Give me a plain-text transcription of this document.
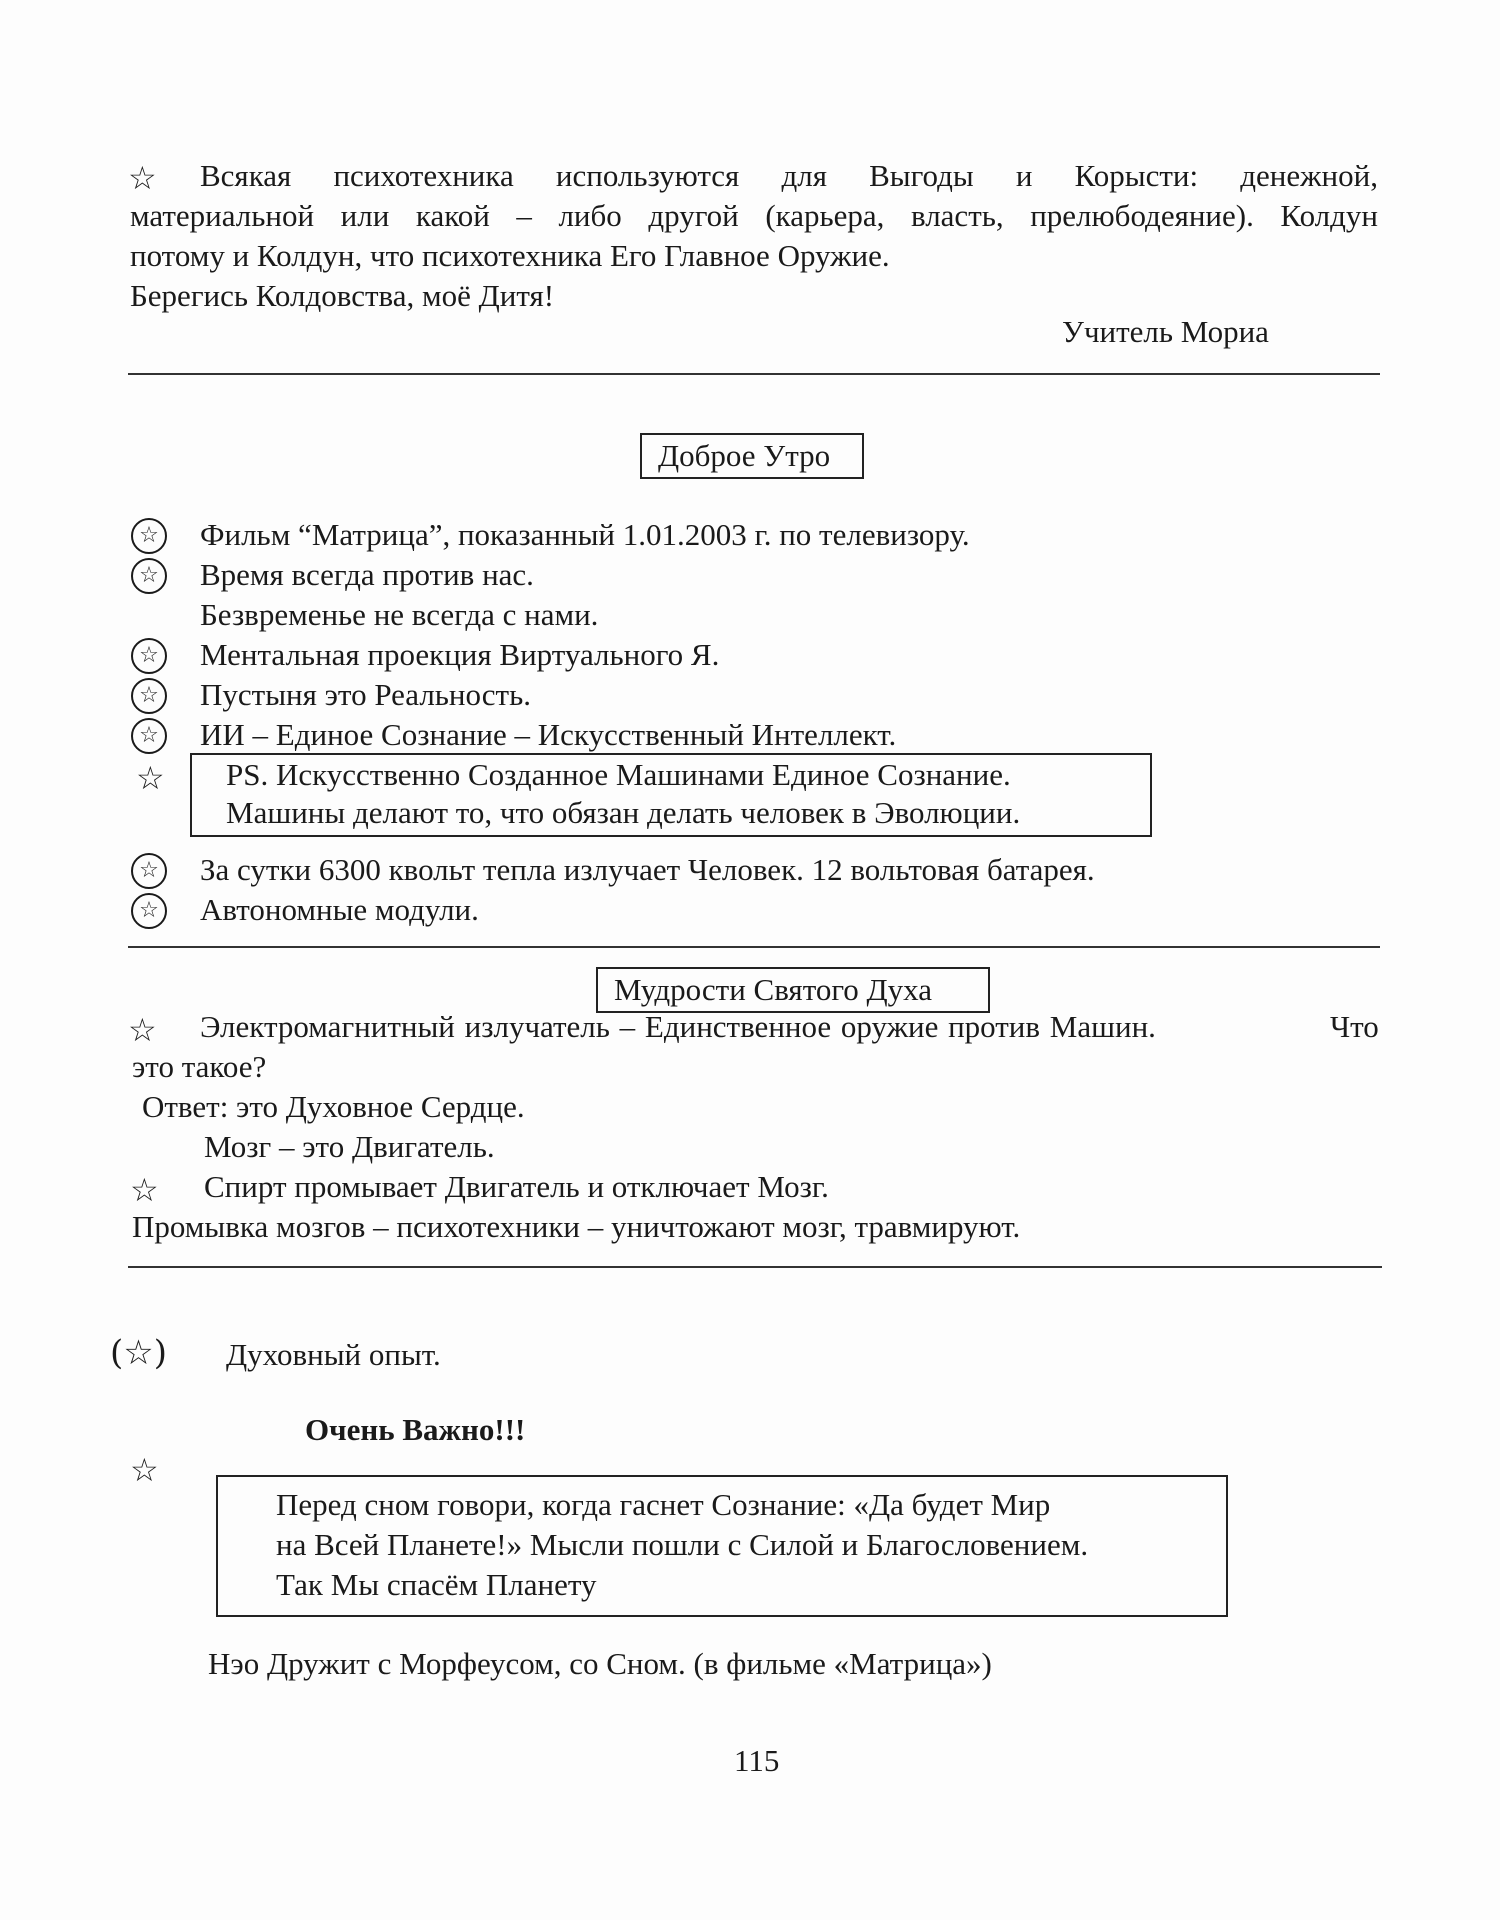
☆ Всякая психотехника используются для Выгоды и Корысти: денежной,
материальной или какой – либо другой (карьера, власть, прелюбодеяние). Колдун
потому и Колдун, что психотехника Его Главное Оружие.
Берегись Колдовства, моё Дитя!
Учитель Мориа
Доброе Утро
☆ Фильм “Матрица”, показанный 1.01.2003 г. по телевизору.
☆ Время всегда против нас.
Безвременье не всегда с нами.
☆ Ментальная проекция Виртуального Я.
☆ Пустыня это Реальность.
☆ ИИ – Единое Сознание – Искусственный Интеллект.
☆ PS. Искусственно Созданное Машинами Единое Сознание.
Машины делают то, что обязан делать человек в Эволюции.
☆ За сутки 6300 квольт тепла излучает Человек. 12 вольтовая батарея.
☆ Автономные модули.
Мудрости Святого Духа
☆ Электромагнитный излучатель – Единственное оружие против Машин.	Что
это такое?
Ответ: это Духовное Сердце.
Мозг – это Двигатель.
☆ Спирт промывает Двигатель и отключает Мозг.
Промывка мозгов – психотехники – уничтожают мозг, травмируют.
(☆) Духовный опыт.
Очень Важно!!!
☆
Перед сном говори, когда гаснет Сознание: «Да будет Мир
на Всей Планете!» Мысли пошли с Силой и Благословением.
Так Мы спасём Планету
Нэо Дружит с Морфеусом, со Сном. (в фильме «Матрица»)
115
